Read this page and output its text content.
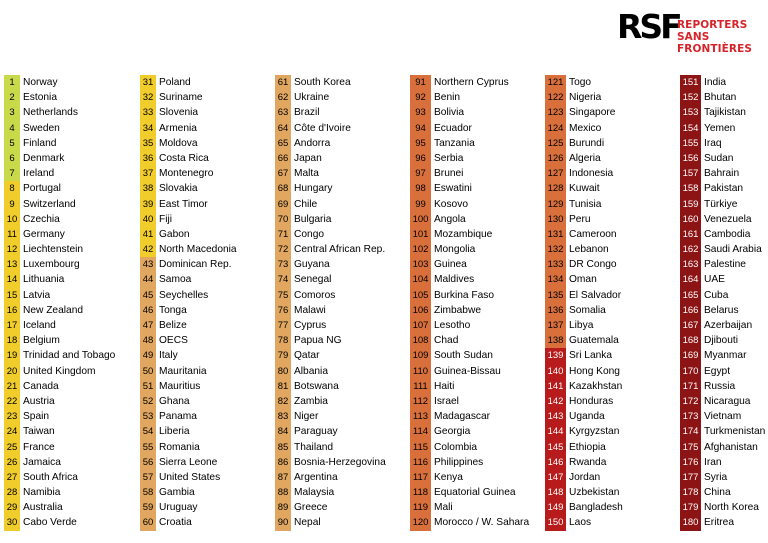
RSF
REPORTERS
SANS FRONTIÈRES
1 Norway
2 Estonia
3 Netherlands
4 Sweden
5 Finland
6 Denmark
7 Ireland
8 Portugal
9 Switzerland
10 Czechia
11 Germany
12 Liechtenstein
13 Luxembourg
14 Lithuania
15 Latvia
16 New Zealand
17 Iceland
18 Belgium
19 Trinidad and Tobago
20 United Kingdom
21 Canada
22 Austria
23 Spain
24 Taiwan
25 France
26 Jamaica
27 South Africa
28 Namibia
29 Australia
30 Cabo Verde
31 Poland
32 Suriname
33 Slovenia
34 Armenia
35 Moldova
36 Costa Rica
37 Montenegro
38 Slovakia
39 East Timor
40 Fiji
41 Gabon
42 North Macedonia
43 Dominican Rep.
44 Samoa
45 Seychelles
46 Tonga
47 Belize
48 OECS
49 Italy
50 Mauritania
51 Mauritius
52 Ghana
53 Panama
54 Liberia
55 Romania
56 Sierra Leone
57 United States
58 Gambia
59 Uruguay
60 Croatia
61 South Korea
62 Ukraine
63 Brazil
64 Côte d'Ivoire
65 Andorra
66 Japan
67 Malta
68 Hungary
69 Chile
70 Bulgaria
71 Congo
72 Central African Rep.
73 Guyana
74 Senegal
75 Comoros
76 Malawi
77 Cyprus
78 Papua NG
79 Qatar
80 Albania
81 Botswana
82 Zambia
83 Niger
84 Paraguay
85 Thailand
86 Bosnia-Herzegovina
87 Argentina
88 Malaysia
89 Greece
90 Nepal
91 Northern Cyprus
92 Benin
93 Bolivia
94 Ecuador
95 Tanzania
96 Serbia
97 Brunei
98 Eswatini
99 Kosovo
100 Angola
101 Mozambique
102 Mongolia
103 Guinea
104 Maldives
105 Burkina Faso
106 Zimbabwe
107 Lesotho
108 Chad
109 South Sudan
110 Guinea-Bissau
111 Haiti
112 Israel
113 Madagascar
114 Georgia
115 Colombia
116 Philippines
117 Kenya
118 Equatorial Guinea
119 Mali
120 Morocco / W. Sahara
121 Togo
122 Nigeria
123 Singapore
124 Mexico
125 Burundi
126 Algeria
127 Indonesia
128 Kuwait
129 Tunisia
130 Peru
131 Cameroon
132 Lebanon
133 DR Congo
134 Oman
135 El Salvador
136 Somalia
137 Libya
138 Guatemala
139 Sri Lanka
140 Hong Kong
141 Kazakhstan
142 Honduras
143 Uganda
144 Kyrgyzstan
145 Ethiopia
146 Rwanda
147 Jordan
148 Uzbekistan
149 Bangladesh
150 Laos
151 India
152 Bhutan
153 Tajikistan
154 Yemen
155 Iraq
156 Sudan
157 Bahrain
158 Pakistan
159 Türkiye
160 Venezuela
161 Cambodia
162 Saudi Arabia
163 Palestine
164 UAE
165 Cuba
166 Belarus
167 Azerbaijan
168 Djibouti
169 Myanmar
170 Egypt
171 Russia
172 Nicaragua
173 Vietnam
174 Turkmenistan
175 Afghanistan
176 Iran
177 Syria
178 China
179 North Korea
180 Eritrea
